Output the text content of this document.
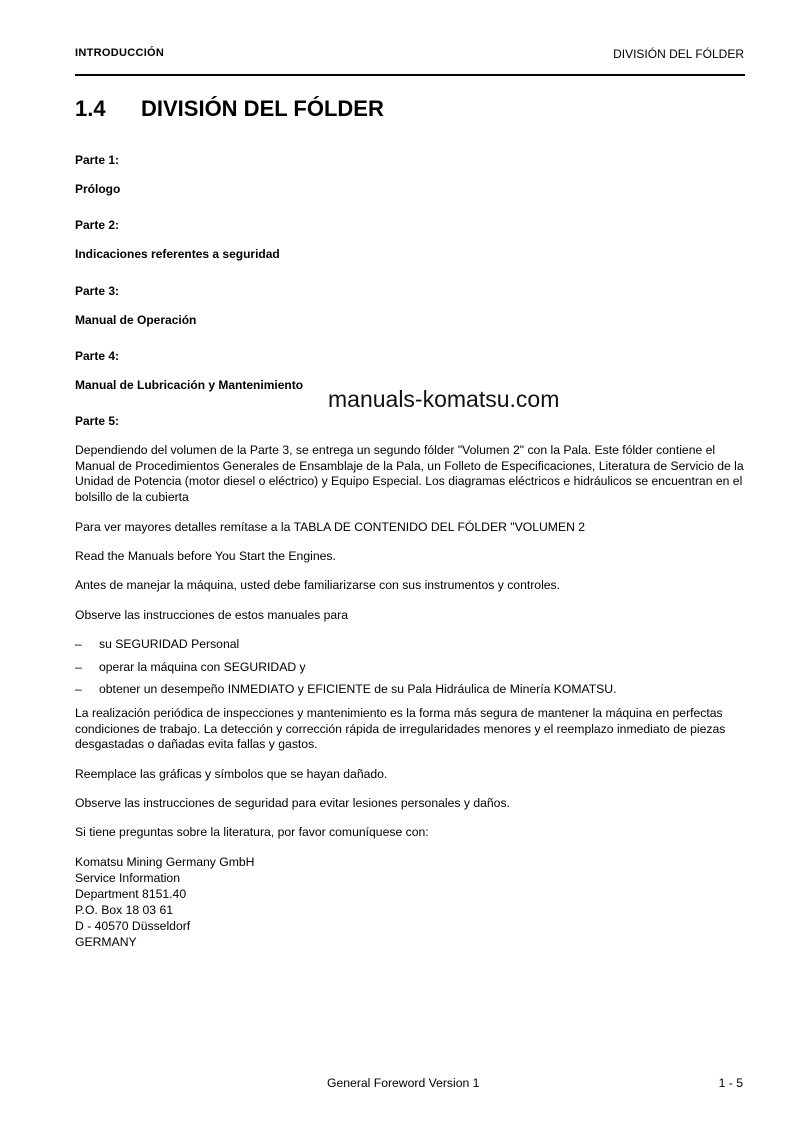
INTRODUCCIÓN	DIVISIÓN DEL FÓLDER
1.4 DIVISIÓN DEL FÓLDER
Parte 1:
Prólogo
Parte 2:
Indicaciones referentes a seguridad
Parte 3:
Manual de Operación
Parte 4:
Manual de Lubricación y Mantenimiento
Parte 5:
manuals-komatsu.com
Dependiendo del volumen de la Parte 3, se entrega un segundo fólder "Volumen 2" con la Pala. Este fólder contiene el Manual de Procedimientos Generales de Ensamblaje de la Pala, un Folleto de Especificaciones, Literatura de Servicio de la Unidad de Potencia (motor diesel o eléctrico) y Equipo Especial. Los diagramas eléctricos e hidráulicos se encuentran en el bolsillo de la cubierta
Para ver mayores detalles remítase a la TABLA DE CONTENIDO DEL FÓLDER "VOLUMEN 2
Read the Manuals before You Start the Engines.
Antes de manejar la máquina, usted debe familiarizarse con sus instrumentos y controles.
Observe las instrucciones de estos manuales para
– su SEGURIDAD Personal
– operar la máquina con SEGURIDAD y
– obtener un desempeño INMEDIATO y EFICIENTE de su Pala Hidráulica de Minería KOMATSU.
La realización periódica de inspecciones y mantenimiento es la forma más segura de mantener la máquina en perfectas condiciones de trabajo. La detección y corrección rápida de irregularidades menores y el reemplazo inmediato de piezas desgastadas o dañadas evita fallas y gastos.
Reemplace las gráficas y símbolos que se hayan dañado.
Observe las instrucciones de seguridad para evitar lesiones personales y daños.
Si tiene preguntas sobre la literatura, por favor comuníquese con:
Komatsu Mining Germany GmbH
Service Information
Department 8151.40
P.O. Box 18 03 61
D - 40570 Düsseldorf
GERMANY
General Foreword Version 1	1 - 5
